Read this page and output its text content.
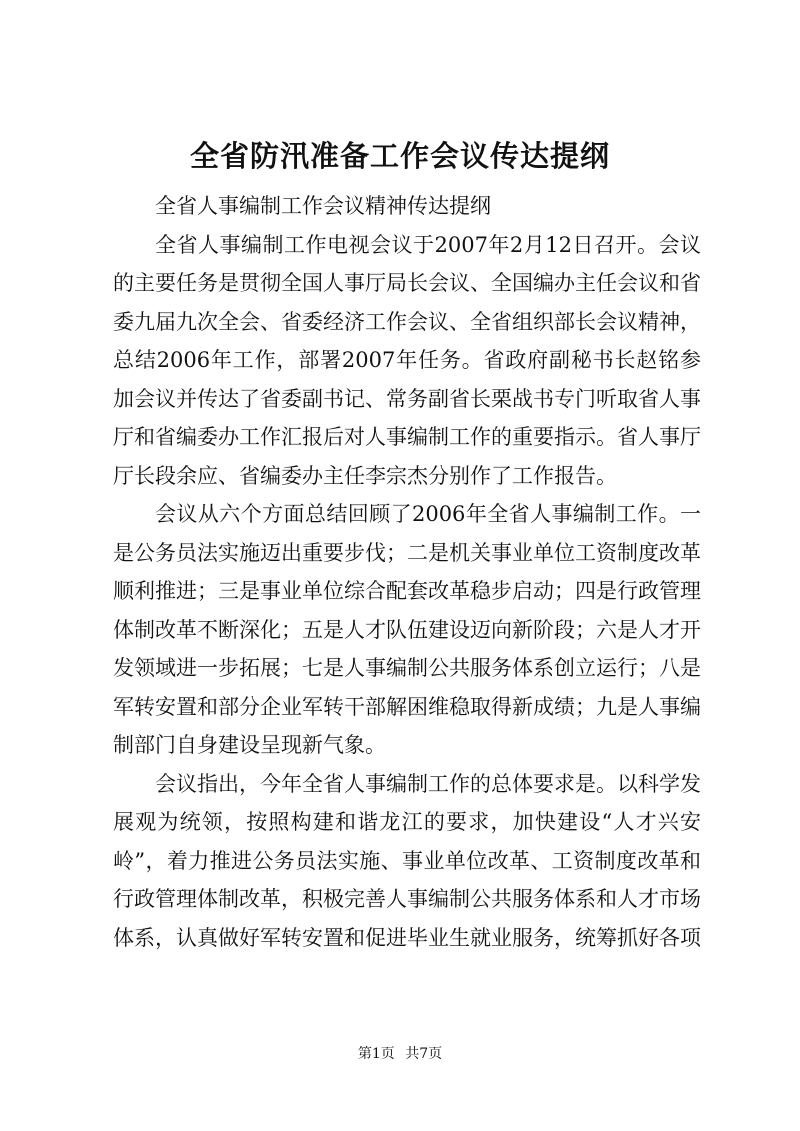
全省防汛准备工作会议传达提纲

全省人事编制工作会议精神传达提纲

全省人事编制工作电视会议于2007年2月12日召开。会议的主要任务是贯彻全国人事厅局长会议、全国编办主任会议和省委九届九次全会、省委经济工作会议、全省组织部长会议精神，总结2006年工作，部署2007年任务。省政府副秘书长赵铭参加会议并传达了省委副书记、常务副省长栗战书专门听取省人事厅和省编委办工作汇报后对人事编制工作的重要指示。省人事厅厅长段余应、省编委办主任李宗杰分别作了工作报告。

会议从六个方面总结回顾了2006年全省人事编制工作。一是公务员法实施迈出重要步伐；二是机关事业单位工资制度改革顺利推进；三是事业单位综合配套改革稳步启动；四是行政管理体制改革不断深化；五是人才队伍建设迈向新阶段；六是人才开发领域进一步拓展；七是人事编制公共服务体系创立运行；八是军转安置和部分企业军转干部解困维稳取得新成绩；九是人事编制部门自身建设呈现新气象。

会议指出，今年全省人事编制工作的总体要求是。以科学发展观为统领，按照构建和谐龙江的要求，加快建设“人才兴安岭”，着力推进公务员法实施、事业单位改革、工资制度改革和行政管理体制改革，积极完善人事编制公共服务体系和人才市场体系，认真做好军转安置和促进毕业生就业服务，统筹抓好各项

第1页 共7页
